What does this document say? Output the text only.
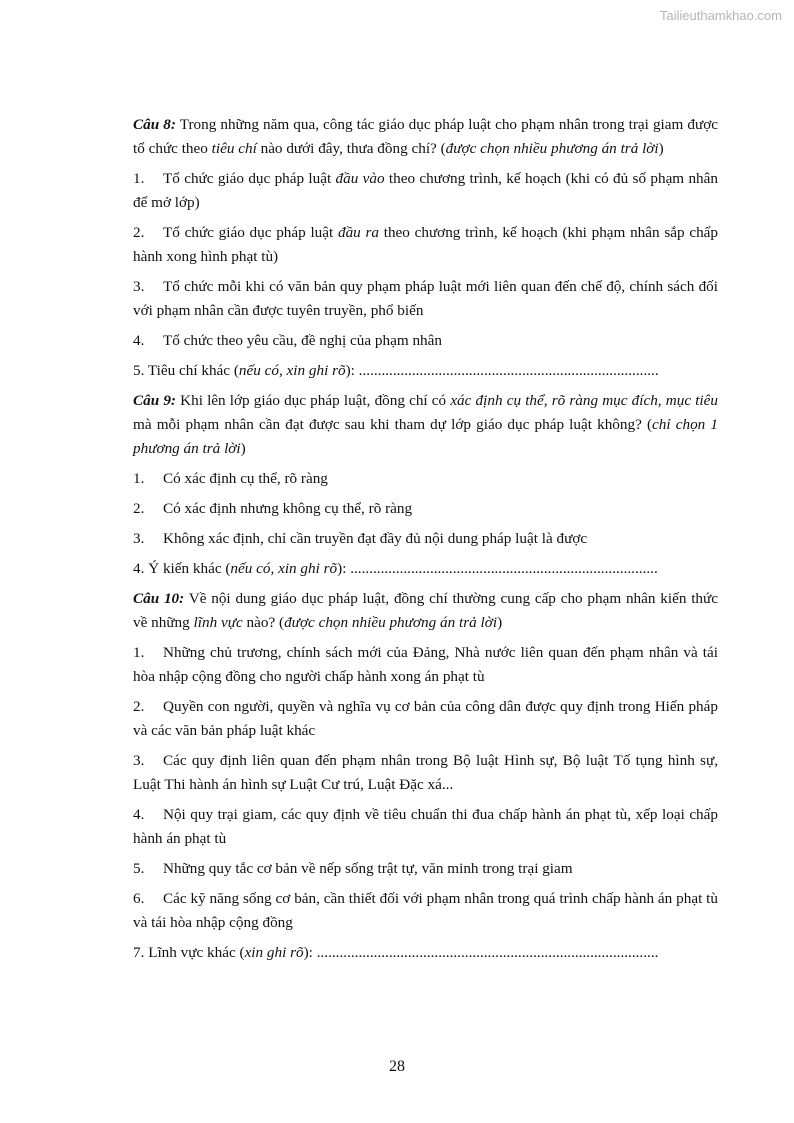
Tailieuthamkhao.com

Câu 8: Trong những năm qua, công tác giáo dục pháp luật cho phạm nhân trong trại giam được tổ chức theo tiêu chí nào dưới đây, thưa đồng chí? (được chọn nhiều phương án trả lời)

1. Tổ chức giáo dục pháp luật đầu vào theo chương trình, kế hoạch (khi có đủ số phạm nhân để mở lớp)

2. Tổ chức giáo dục pháp luật đầu ra theo chương trình, kế hoạch (khi phạm nhân sắp chấp hành xong hình phạt tù)

3. Tổ chức mỗi khi có văn bản quy phạm pháp luật mới liên quan đến chế độ, chính sách đối với phạm nhân cần được tuyên truyền, phổ biến

4. Tổ chức theo yêu cầu, đề nghị của phạm nhân

5. Tiêu chí khác (nếu có, xin ghi rõ): ...............................................................................

Câu 9: Khi lên lớp giáo dục pháp luật, đồng chí có xác định cụ thể, rõ ràng mục đích, mục tiêu mà mỗi phạm nhân cần đạt được sau khi tham dự lớp giáo dục pháp luật không? (chỉ chọn 1 phương án trả lời)

1. Có xác định cụ thể, rõ ràng

2. Có xác định nhưng không cụ thể, rõ ràng

3. Không xác định, chỉ cần truyền đạt đầy đủ nội dung pháp luật là được

4. Ý kiến khác (nếu có, xin ghi rõ): .................................................................................

Câu 10: Về nội dung giáo dục pháp luật, đồng chí thường cung cấp cho phạm nhân kiến thức về những lĩnh vực nào? (được chọn nhiều phương án trả lời)

1. Những chủ trương, chính sách mới của Đảng, Nhà nước liên quan đến phạm nhân và tái hòa nhập cộng đồng cho người chấp hành xong án phạt tù

2. Quyền con người, quyền và nghĩa vụ cơ bản của công dân được quy định trong Hiến pháp và các văn bản pháp luật khác

3. Các quy định liên quan đến phạm nhân trong Bộ luật Hình sự, Bộ luật Tố tụng hình sự, Luật Thi hành án hình sự Luật Cư trú, Luật Đặc xá...

4. Nội quy trại giam, các quy định về tiêu chuẩn thi đua chấp hành án phạt tù, xếp loại chấp hành án phạt tù

5. Những quy tắc cơ bản về nếp sống trật tự, văn minh trong trại giam

6. Các kỹ năng sống cơ bản, cần thiết đối với phạm nhân trong quá trình chấp hành án phạt tù và tái hòa nhập cộng đồng

7. Lĩnh vực khác (xin ghi rõ): ..........................................................................................

28
